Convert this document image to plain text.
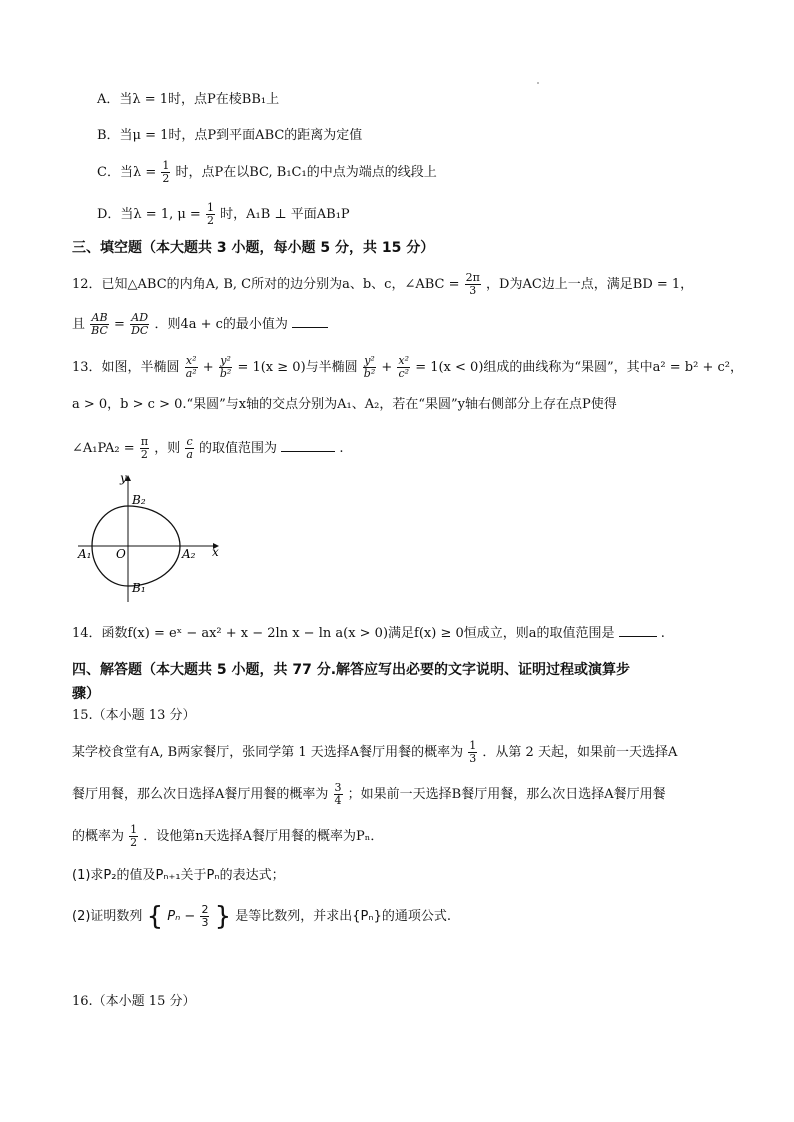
A．当λ = 1时，点P在棱BB₁上
B．当μ = 1时，点P到平面ABC的距离为定值
C．当$\lambda = \frac{1}{2}$ 时，点P在以BC, B₁C₁的中点为端点的线段上
D．当λ = 1, $\mu = \frac{1}{2}$ 时，A₁B ⊥ 平面AB₁P
三、填空题（本大题共 3 小题，每小题 5 分，共 15 分）
12．已知△ABC的内角A, B, C所对的边分别为a、b、c，∠ABC = $\frac{2\pi}{3}$ ，D为AC边上一点，满足BD = 1，
且 $\frac{AB}{BC} = \frac{AD}{DC}$ ．则4a + c的最小值为
13．如图，半椭圆 $\frac{\text{x²}}{\text{a²}} + \frac{\text{y²}}{\text{b²}} = 1(x \ge 0)$与半椭圆 $\frac{\text{y²}}{\text{b²}} + \frac{\text{x²}}{\text{c²}} = 1(x < 0)$组成的曲线称为“果圆”，其中a² = b² + c²，
a > 0，b > c > 0.“果圆”与x轴的交点分别为A₁、A₂，若在“果圆”y轴右侧部分上存在点P使得
∠A₁PA₂ = $\frac{\pi}{2}$ ，则 $\frac{c}{a}$ 的取值范围为	.
y
x
O
B₂
B₁
A₁	A₂
14．函数f(x) = eˣ − ax² + x − 2ln x − ln a(x > 0)满足f(x) ≥ 0恒成立，则a的取值范围是	.
四、解答题（本大题共 5 小题，共 77 分.解答应写出必要的文字说明、证明过程或演算步
骤）
15.（本小题 13 分）
某学校食堂有A, B两家餐厅，张同学第 1 天选择A餐厅用餐的概率为 $\frac{1}{3}$ ．从第 2 天起，如果前一天选择A
餐厅用餐，那么次日选择A餐厅用餐的概率为 $\frac{3}{4}$ ；如果前一天选择B餐厅用餐，那么次日选择A餐厅用餐
的概率为 $\frac{1}{2}$ ．设他第n天选择A餐厅用餐的概率为Pₙ．
(1)求P₂的值及Pₙ₊₁关于Pₙ的表达式；
(2)证明数列 { $P_n - \frac{2}{3}$ } 是等比数列，并求出{Pₙ}的通项公式.
16.（本小题 15 分）
